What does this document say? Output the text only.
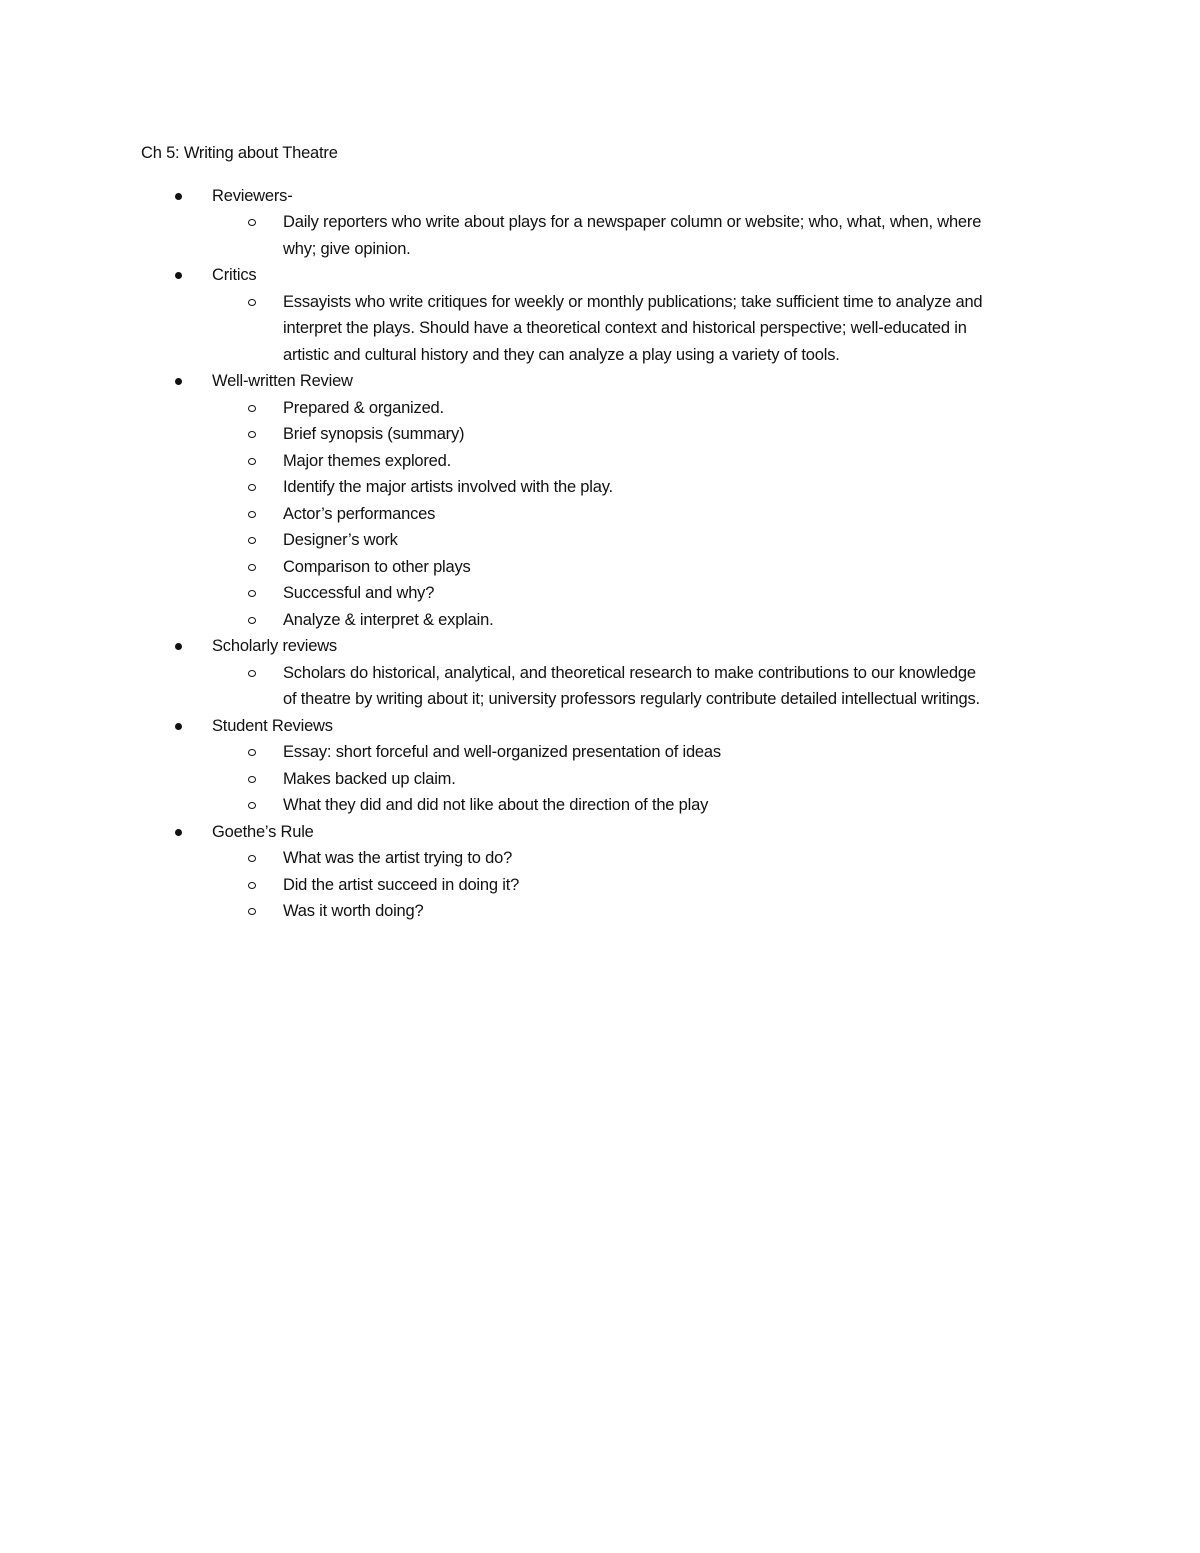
Ch 5: Writing about Theatre
Reviewers-
Daily reporters who write about plays for a newspaper column or website; who, what, when, where why; give opinion.
Critics
Essayists who write critiques for weekly or monthly publications; take sufficient time to analyze and interpret the plays. Should have a theoretical context and historical perspective; well-educated in artistic and cultural history and they can analyze a play using a variety of tools.
Well-written Review
Prepared & organized.
Brief synopsis (summary)
Major themes explored.
Identify the major artists involved with the play.
Actor’s performances
Designer’s work
Comparison to other plays
Successful and why?
Analyze & interpret & explain.
Scholarly reviews
Scholars do historical, analytical, and theoretical research to make contributions to our knowledge of theatre by writing about it; university professors regularly contribute detailed intellectual writings.
Student Reviews
Essay: short forceful and well-organized presentation of ideas
Makes backed up claim.
What they did and did not like about the direction of the play
Goethe’s Rule
What was the artist trying to do?
Did the artist succeed in doing it?
Was it worth doing?
